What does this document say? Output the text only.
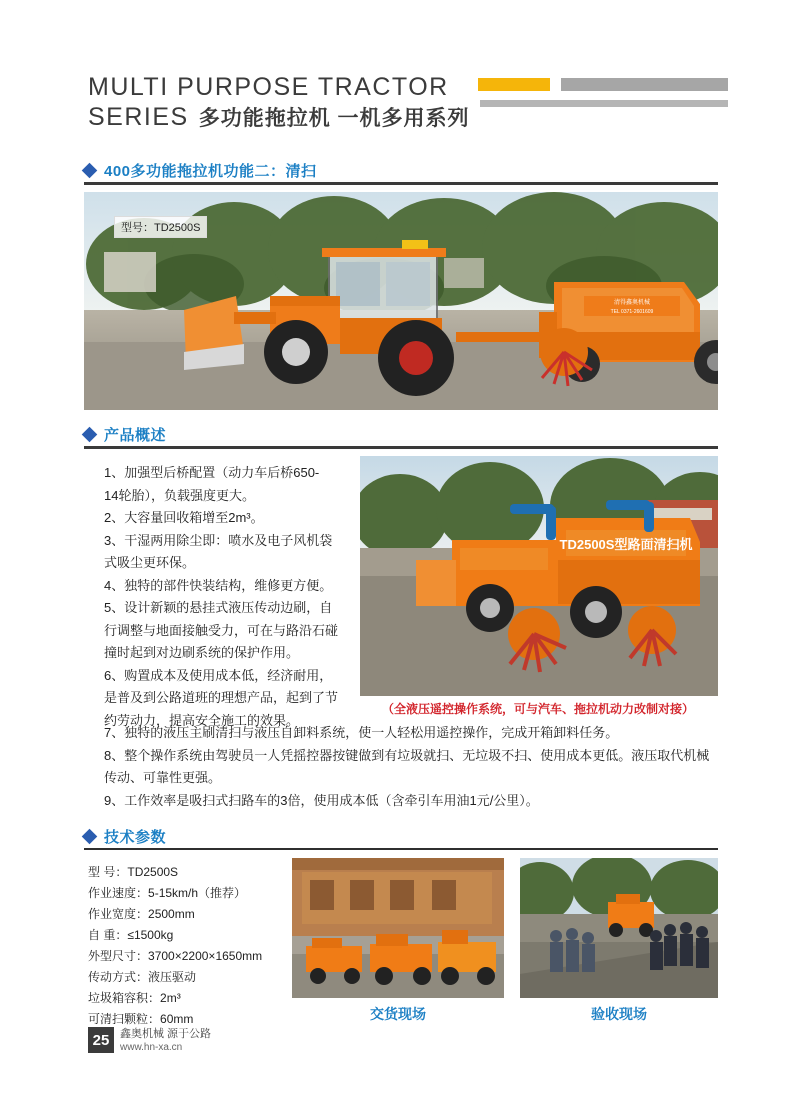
MULTI PURPOSE TRACTOR
SERIES 多功能拖拉机 一机多用系列
400多功能拖拉机功能二：清扫
清得鑫奥机械
TEL 0371-2601609
型号：TD2500S
产品概述

1、加强型后桥配置（动力车后桥650-

14轮胎），负载强度更大。

2、大容量回收箱增至2m³。

3、干湿两用除尘即：喷水及电子风机袋

式吸尘更环保。

4、独特的部件快装结构，维修更方便。

5、设计新颖的悬挂式液压传动边刷，自

行调整与地面接触受力，可在与路沿石碰

撞时起到对边刷系统的保护作用。

6、购置成本及使用成本低，经济耐用，

是普及到公路道班的理想产品，起到了节

约劳动力，提高安全施工的效果。

TD2500S型路面清扫机
（全液压遥控操作系统，可与汽车、拖拉机动力改制对接）

7、独特的液压主刷清扫与液压自卸料系统，使一人轻松用遥控操作，完成开箱卸料任务。

8、整个操作系统由驾驶员一人凭摇控器按键做到有垃圾就扫、无垃圾不扫、使用成本更低。液压取代机械

传动、可靠性更强。

9、工作效率是吸扫式扫路车的3倍，使用成本低（含牵引车用油1元/公里）。

技术参数
型 号：TD2500S
作业速度：5-15km/h（推荐）
作业宽度：2500mm
自 重：≤1500kg
外型尺寸：3700×2200×1650mm
传动方式：液压驱动
垃圾箱容积：2m³
可清扫颗粒：60mm	交货现场	验收现场
25 鑫奥机械 源于公路
www.hn-xa.cn
